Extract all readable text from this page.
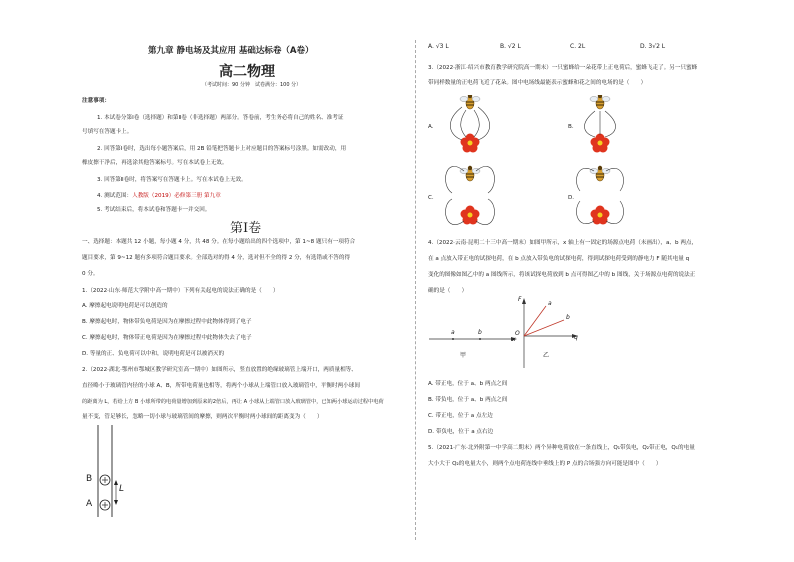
第九章 静电场及其应用 基础达标卷（A卷）
高二物理
（考试时间：90 分钟　试卷满分：100 分）
注意事项：
1. 本试卷分第Ⅰ卷（选择题）和第Ⅱ卷（非选择题）两部分。答卷前，考生务必将自己的姓名、准考证
号填写在答题卡上。
2. 回答第Ⅰ卷时，选出每小题答案后，用 2B 铅笔把答题卡上对应题目的答案标号涂黑。如需改动，用
橡皮擦干净后，再选涂其他答案标号。写在本试卷上无效。
3. 回答第Ⅱ卷时，将答案写在答题卡上。写在本试卷上无效。
4. 测试范围：人教版（2019）必修第三册 第九章
5. 考试结束后，将本试卷和答题卡一并交回。
第Ⅰ卷
一、选择题：本题共 12 小题，每小题 4 分，共 48 分。在每小题给出的四个选项中，第 1~8 题只有一项符合
题目要求，第 9~12 题有多项符合题目要求。全部选对的得 4 分，选对但不全的得 2 分，有选错或不答的得
0 分。
1.（2022·山东·师范大学附中高一期中）下列有关起电的说法正确的是（　　）
A. 摩擦起电说明电荷是可以创造的
B. 摩擦起电时，物体带负电荷是因为在摩擦过程中此物体得到了电子
C. 摩擦起电时，物体带正电荷是因为在摩擦过程中此物体失去了电子
D. 等量的正、负电荷可以中和，说明电荷是可以被消灭的
2.（2022·湖北·鄂州市鄂城区教学研究室高一期中）如图所示，竖直放置的绝缘玻璃管上端开口，两质量相等、
直径略小于玻璃管内径的小球 A、B，所带电荷量也相等，将两个小球从上端管口放入玻璃管中，平衡时两小球间
的距离为 L，若给上方 B 小球所带的电荷量增加到原来的2倍后，再让 A 小球从上端管口放入玻璃管中，已知两小球运动过程中电荷
量不变，管足够长，忽略一切小球与玻璃管间的摩擦，则两次平衡时两小球间的距离变为（　　）
B
A
L
A. √3 L	B. √2 L	C. 2L	D. 3√2 L
3.（2022·浙江·绍兴市教育教学研究院高一期末）一只蜜蜂给一朵花带上正电荷后，蜜蜂飞走了。另一只蜜蜂
带同样数量的正电荷飞近了花朵。图中电场线最能表示蜜蜂和花之间的电场的是（　　）
A.	B.
C.	D.
4.（2022·云南·昆明二十三中高一期末）如图甲所示，x 轴上有一固定的场源点电荷（未画出），a、b 两点，
在 a 点放入带正电的试探电荷，在 b 点放入带负电的试探电荷，得到试探电荷受到的静电力 F 随其电量 q
变化的图像如图乙中的 a 图线所示，将该试探电荷放到 b 点可得图乙中的 b 图线，关于场源点电荷的说法正
确的是（　　）
a	b
x
甲
F
O
q
a
b
乙
A. 带正电，位于 a、b 两点之间
B. 带负电，位于 a、b 两点之间
C. 带正电，位于 a 点左边
D. 带负电，位于 a 点右边
5.（2021·广东·北外附第一中学高二期末）两个异种电荷放在一条直线上，Q₁带负电，Q₂带正电，Q₁的电量
大小大于 Q₂的电量大小，则两个点电荷连线中垂线上的 P 点的合场强方向可能是图中（　　）
